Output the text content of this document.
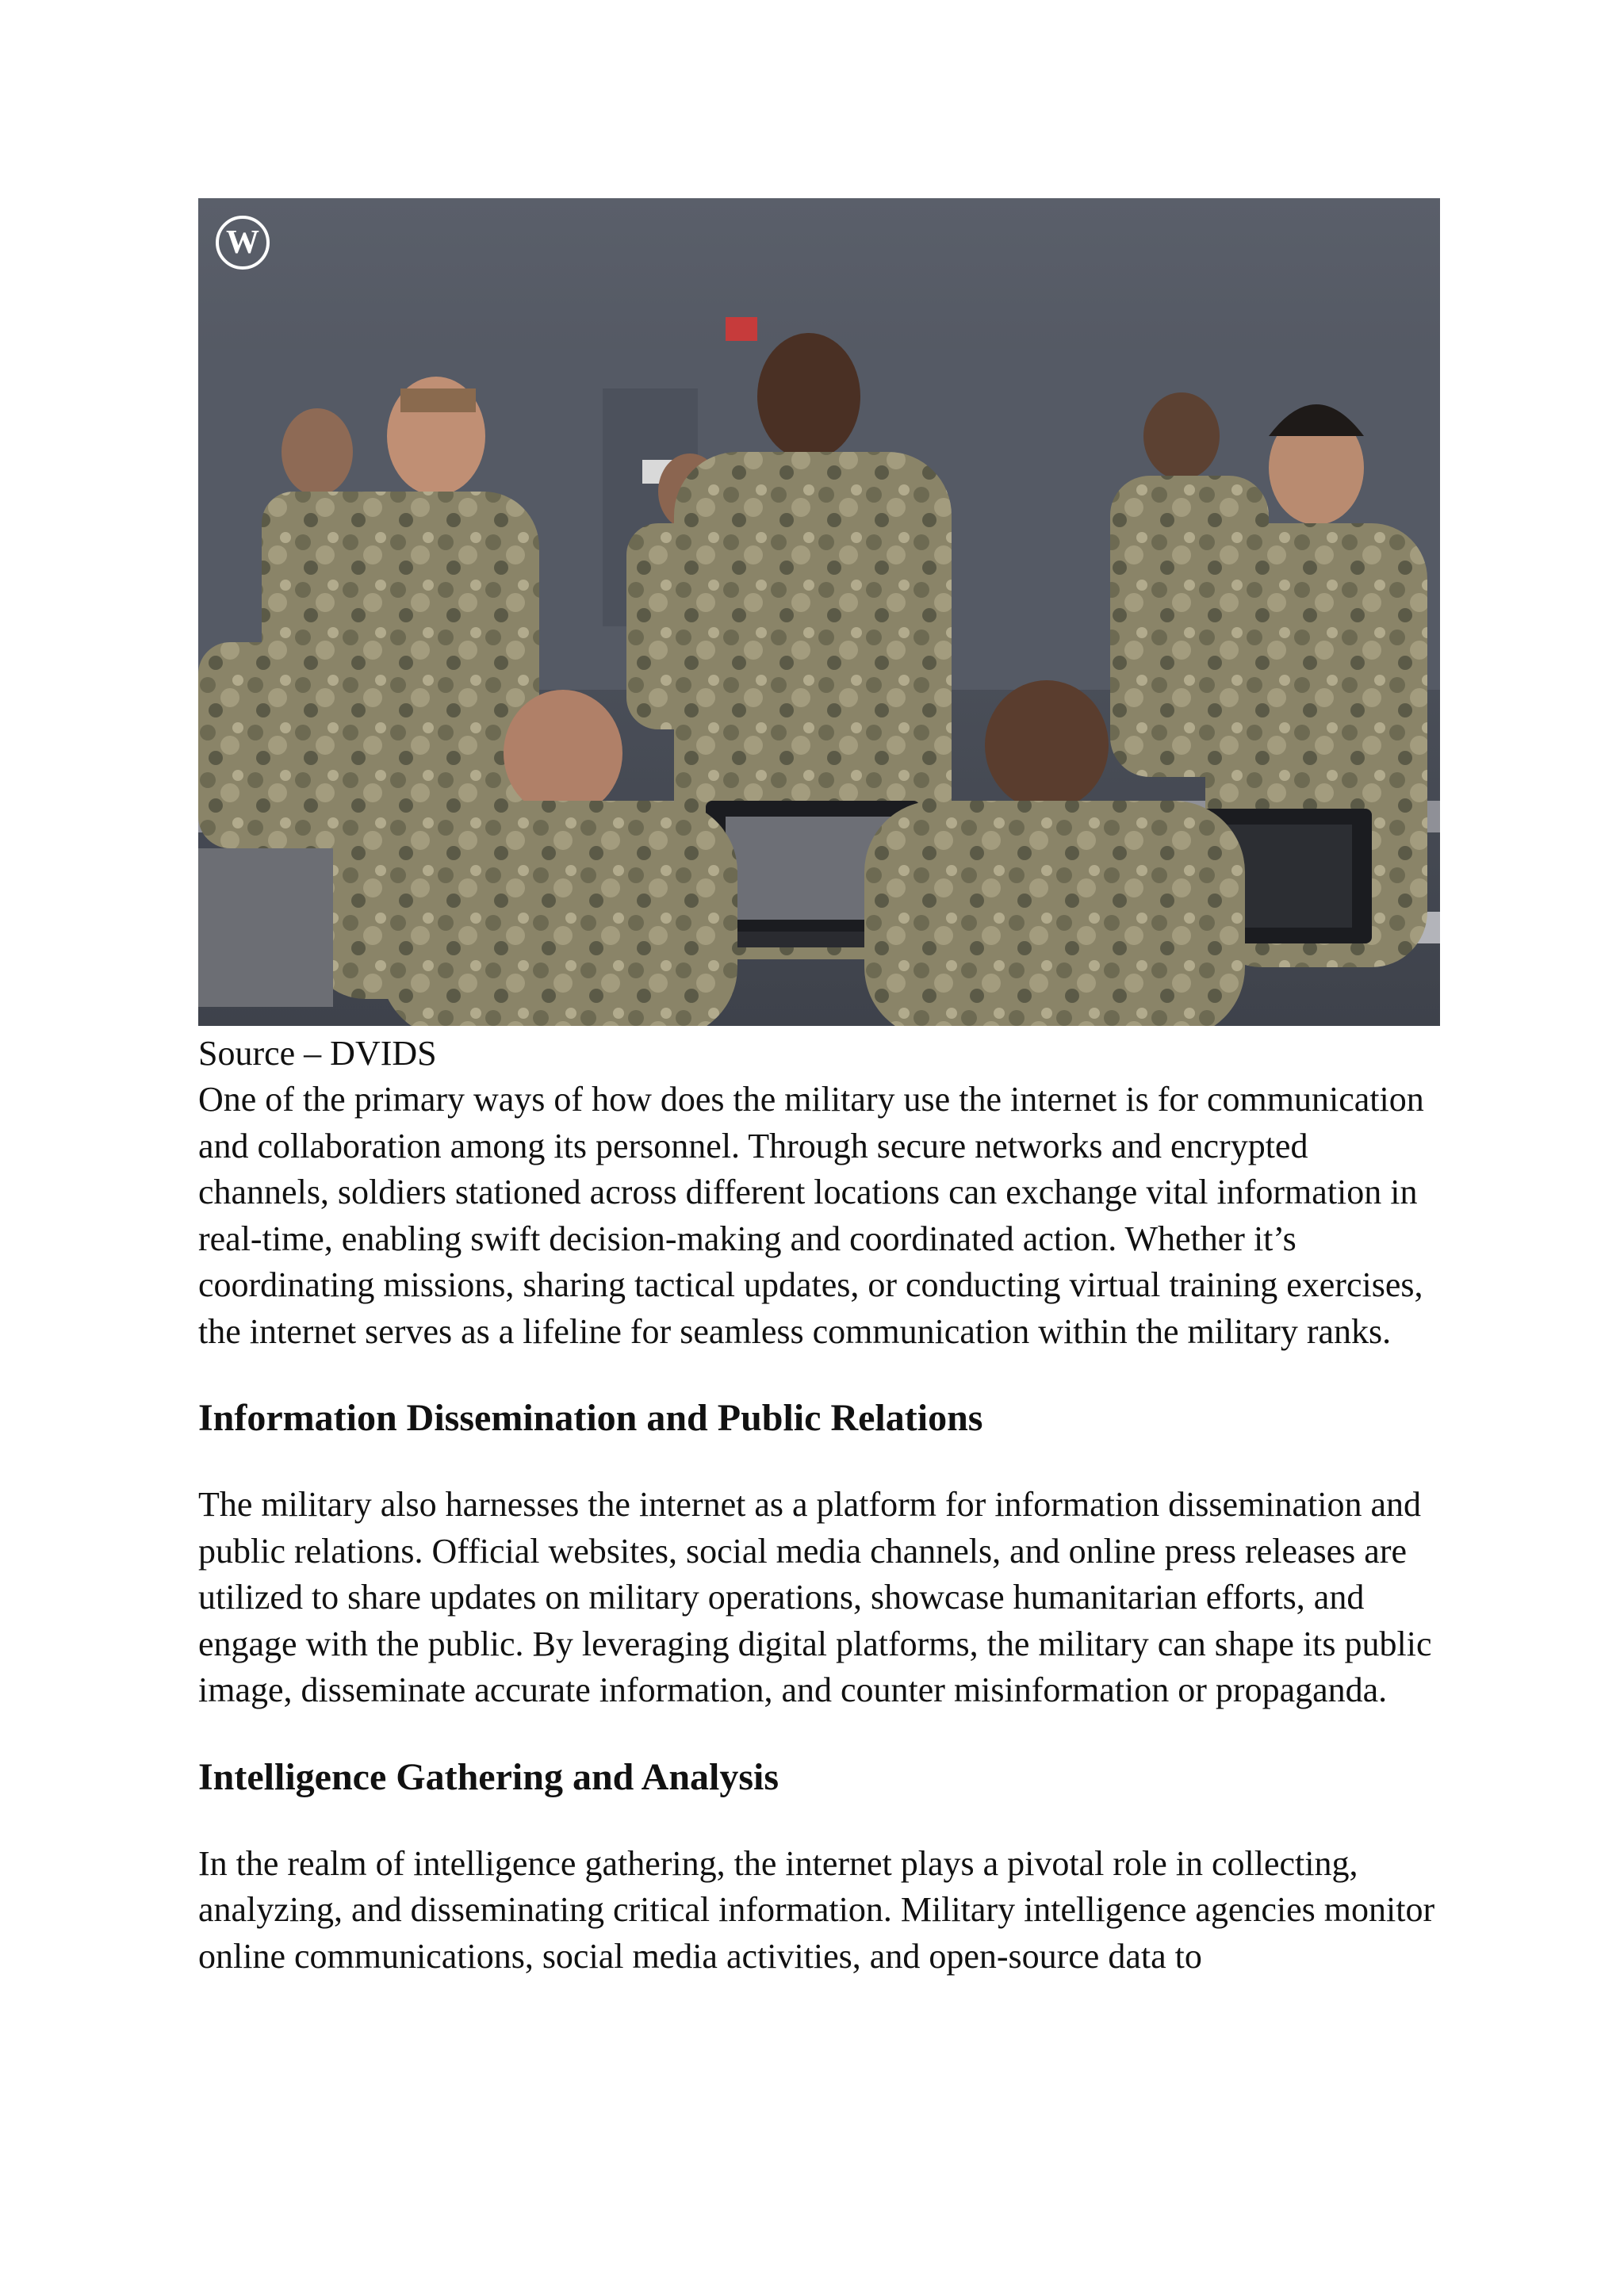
W
Source – DVIDS

One of the primary ways of how does the military use the internet is for communication and collaboration among its personnel. Through secure networks and encrypted channels, soldiers stationed across different locations can exchange vital information in real-time, enabling swift decision-making and coordinated action. Whether it’s coordinating missions, sharing tactical updates, or conducting virtual training exercises, the internet serves as a lifeline for seamless communication within the military ranks.

Information Dissemination and Public Relations

The military also harnesses the internet as a platform for information dissemination and public relations. Official websites, social media channels, and online press releases are utilized to share updates on military operations, showcase humanitarian efforts, and engage with the public. By leveraging digital platforms, the military can shape its public image, disseminate accurate information, and counter misinformation or propaganda.

Intelligence Gathering and Analysis

In the realm of intelligence gathering, the internet plays a pivotal role in collecting, analyzing, and disseminating critical information. Military intelligence agencies monitor online communications, social media activities, and open-source data to
